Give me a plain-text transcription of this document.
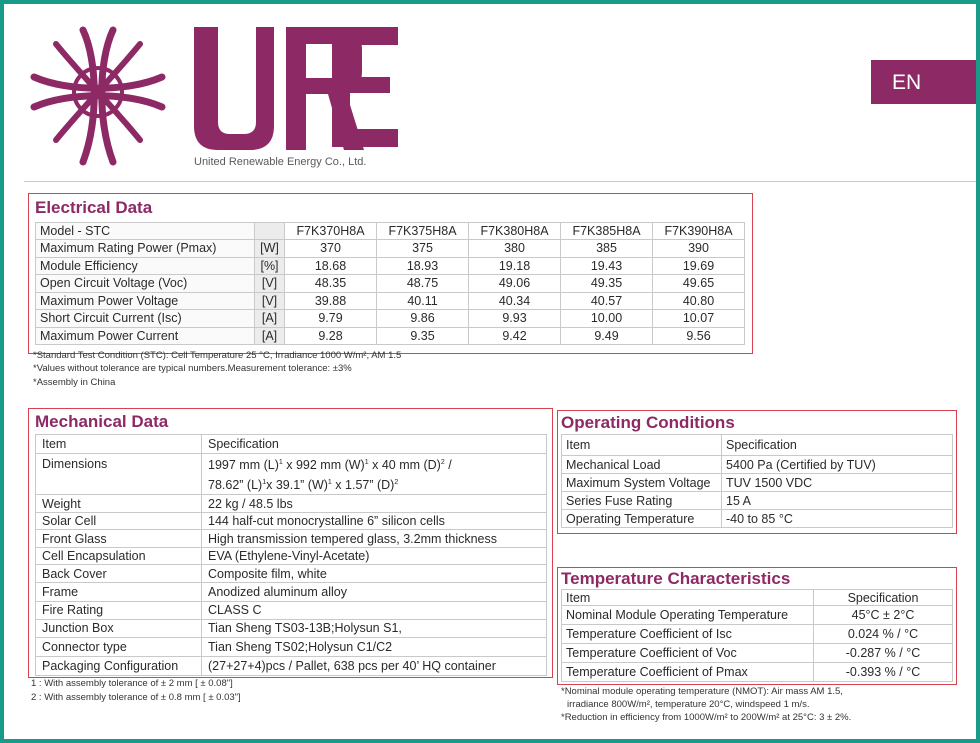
United Renewable Energy Co., Ltd.
EN
Electrical Data
Model - STC		F7K370H8A	F7K375H8A	F7K380H8A	F7K385H8A	F7K390H8A
Maximum Rating Power (Pmax)	[W]	370	375	380	385	390
Module Efficiency	[%]	18.68	18.93	19.18	19.43	19.69
Open Circuit Voltage (Voc)	[V]	48.35	48.75	49.06	49.35	49.65
Maximum Power Voltage	[V]	39.88	40.11	40.34	40.57	40.80
Short Circuit Current (Isc)	[A]	9.79	9.86	9.93	10.00	10.07
Maximum Power Current	[A]	9.28	9.35	9.42	9.49	9.56
*Standard Test Condition (STC): Cell Temperature 25 °C, Irradiance 1000 W/m², AM 1.5
*Values without tolerance are typical numbers.Measurement tolerance: ±3%
*Assembly in China
Mechanical Data
Item	Specification
Dimensions	1997 mm $(L)^1$ x 992 mm $(W)^1$ x 40 mm $(D)^2$ /
78.62” $(L)^1x$ 39.1” $(W)^1$ x 1.57” $(D)^2$

Weight	22 kg / 48.5 lbs
Solar Cell	144 half-cut monocrystalline 6” silicon cells
Front Glass	High transmission tempered glass, 3.2mm thickness
Cell Encapsulation	EVA (Ethylene-Vinyl-Acetate)
Back Cover	Composite film, white
Frame	Anodized aluminum alloy
Fire Rating	CLASS C
Junction Box	Tian Sheng TS03-13B;Holysun S1,
Connector type	Tian Sheng TS02;Holysun C1/C2
Packaging Configuration	(27+27+4)pcs / Pallet, 638 pcs per 40’ HQ container
1 : With assembly tolerance of ± 2 mm [ ± 0.08"]
2 : With assembly tolerance of ± 0.8 mm [ ± 0.03"]
Operating Conditions
Item	Specification
Mechanical Load	5400 Pa (Certified by TUV)
Maximum System Voltage	TUV 1500 VDC
Series Fuse Rating	15 A
Operating Temperature	-40 to 85 °C
Temperature Characteristics
Item	Specification
Nominal Module Operating Temperature	45°C ± 2°C
Temperature Coefficient of Isc	0.024 % / °C
Temperature Coefficient of Voc	-0.287 % / °C
Temperature Coefficient of Pmax	-0.393 % / °C
*Nominal module operating temperature (NMOT): Air mass AM 1.5,
irradiance 800W/m², temperature 20°C, windspeed 1 m/s.
*Reduction in efficiency from 1000W/m² to 200W/m² at 25°C: 3 ± 2%.
